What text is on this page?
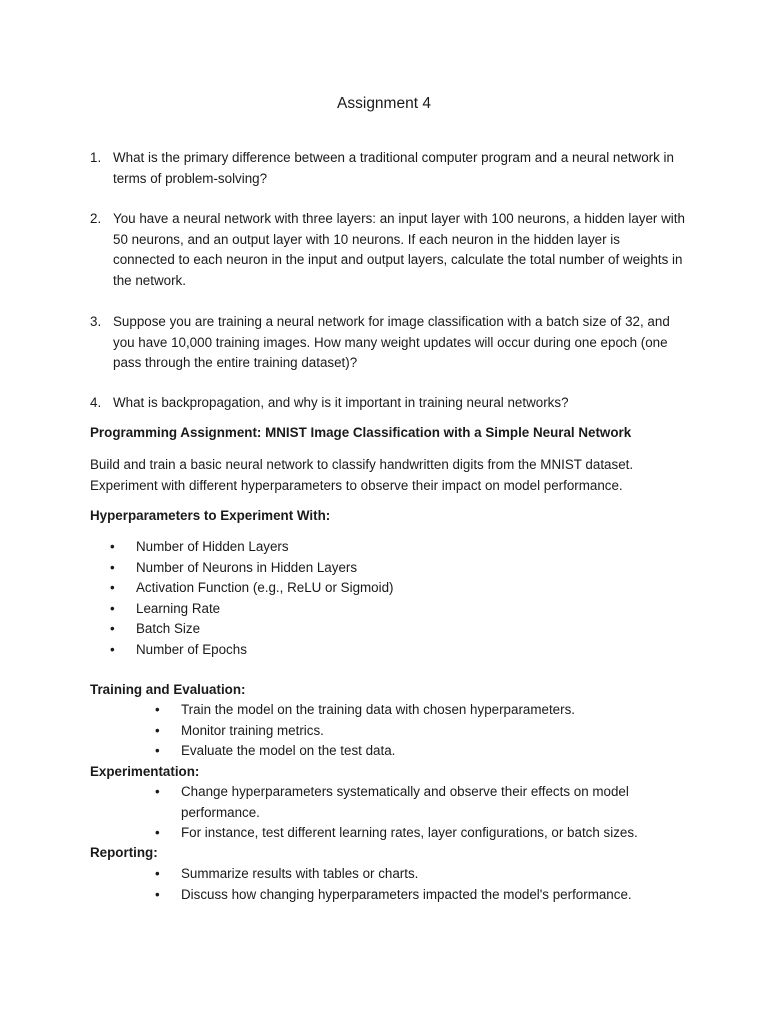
Assignment 4
1. What is the primary difference between a traditional computer program and a neural network in terms of problem-solving?
2. You have a neural network with three layers: an input layer with 100 neurons, a hidden layer with 50 neurons, and an output layer with 10 neurons. If each neuron in the hidden layer is connected to each neuron in the input and output layers, calculate the total number of weights in the network.
3. Suppose you are training a neural network for image classification with a batch size of 32, and you have 10,000 training images. How many weight updates will occur during one epoch (one pass through the entire training dataset)?
4. What is backpropagation, and why is it important in training neural networks?
Programming Assignment: MNIST Image Classification with a Simple Neural Network
Build and train a basic neural network to classify handwritten digits from the MNIST dataset. Experiment with different hyperparameters to observe their impact on model performance.
Hyperparameters to Experiment With:
•	Number of Hidden Layers
•	Number of Neurons in Hidden Layers
•	Activation Function (e.g., ReLU or Sigmoid)
•	Learning Rate
•	Batch Size
•	Number of Epochs
Training and Evaluation:
•	Train the model on the training data with chosen hyperparameters.
•	Monitor training metrics.
•	Evaluate the model on the test data.
Experimentation:
•	Change hyperparameters systematically and observe their effects on model performance.
•	For instance, test different learning rates, layer configurations, or batch sizes.
Reporting:
•	Summarize results with tables or charts.
•	Discuss how changing hyperparameters impacted the model's performance.
